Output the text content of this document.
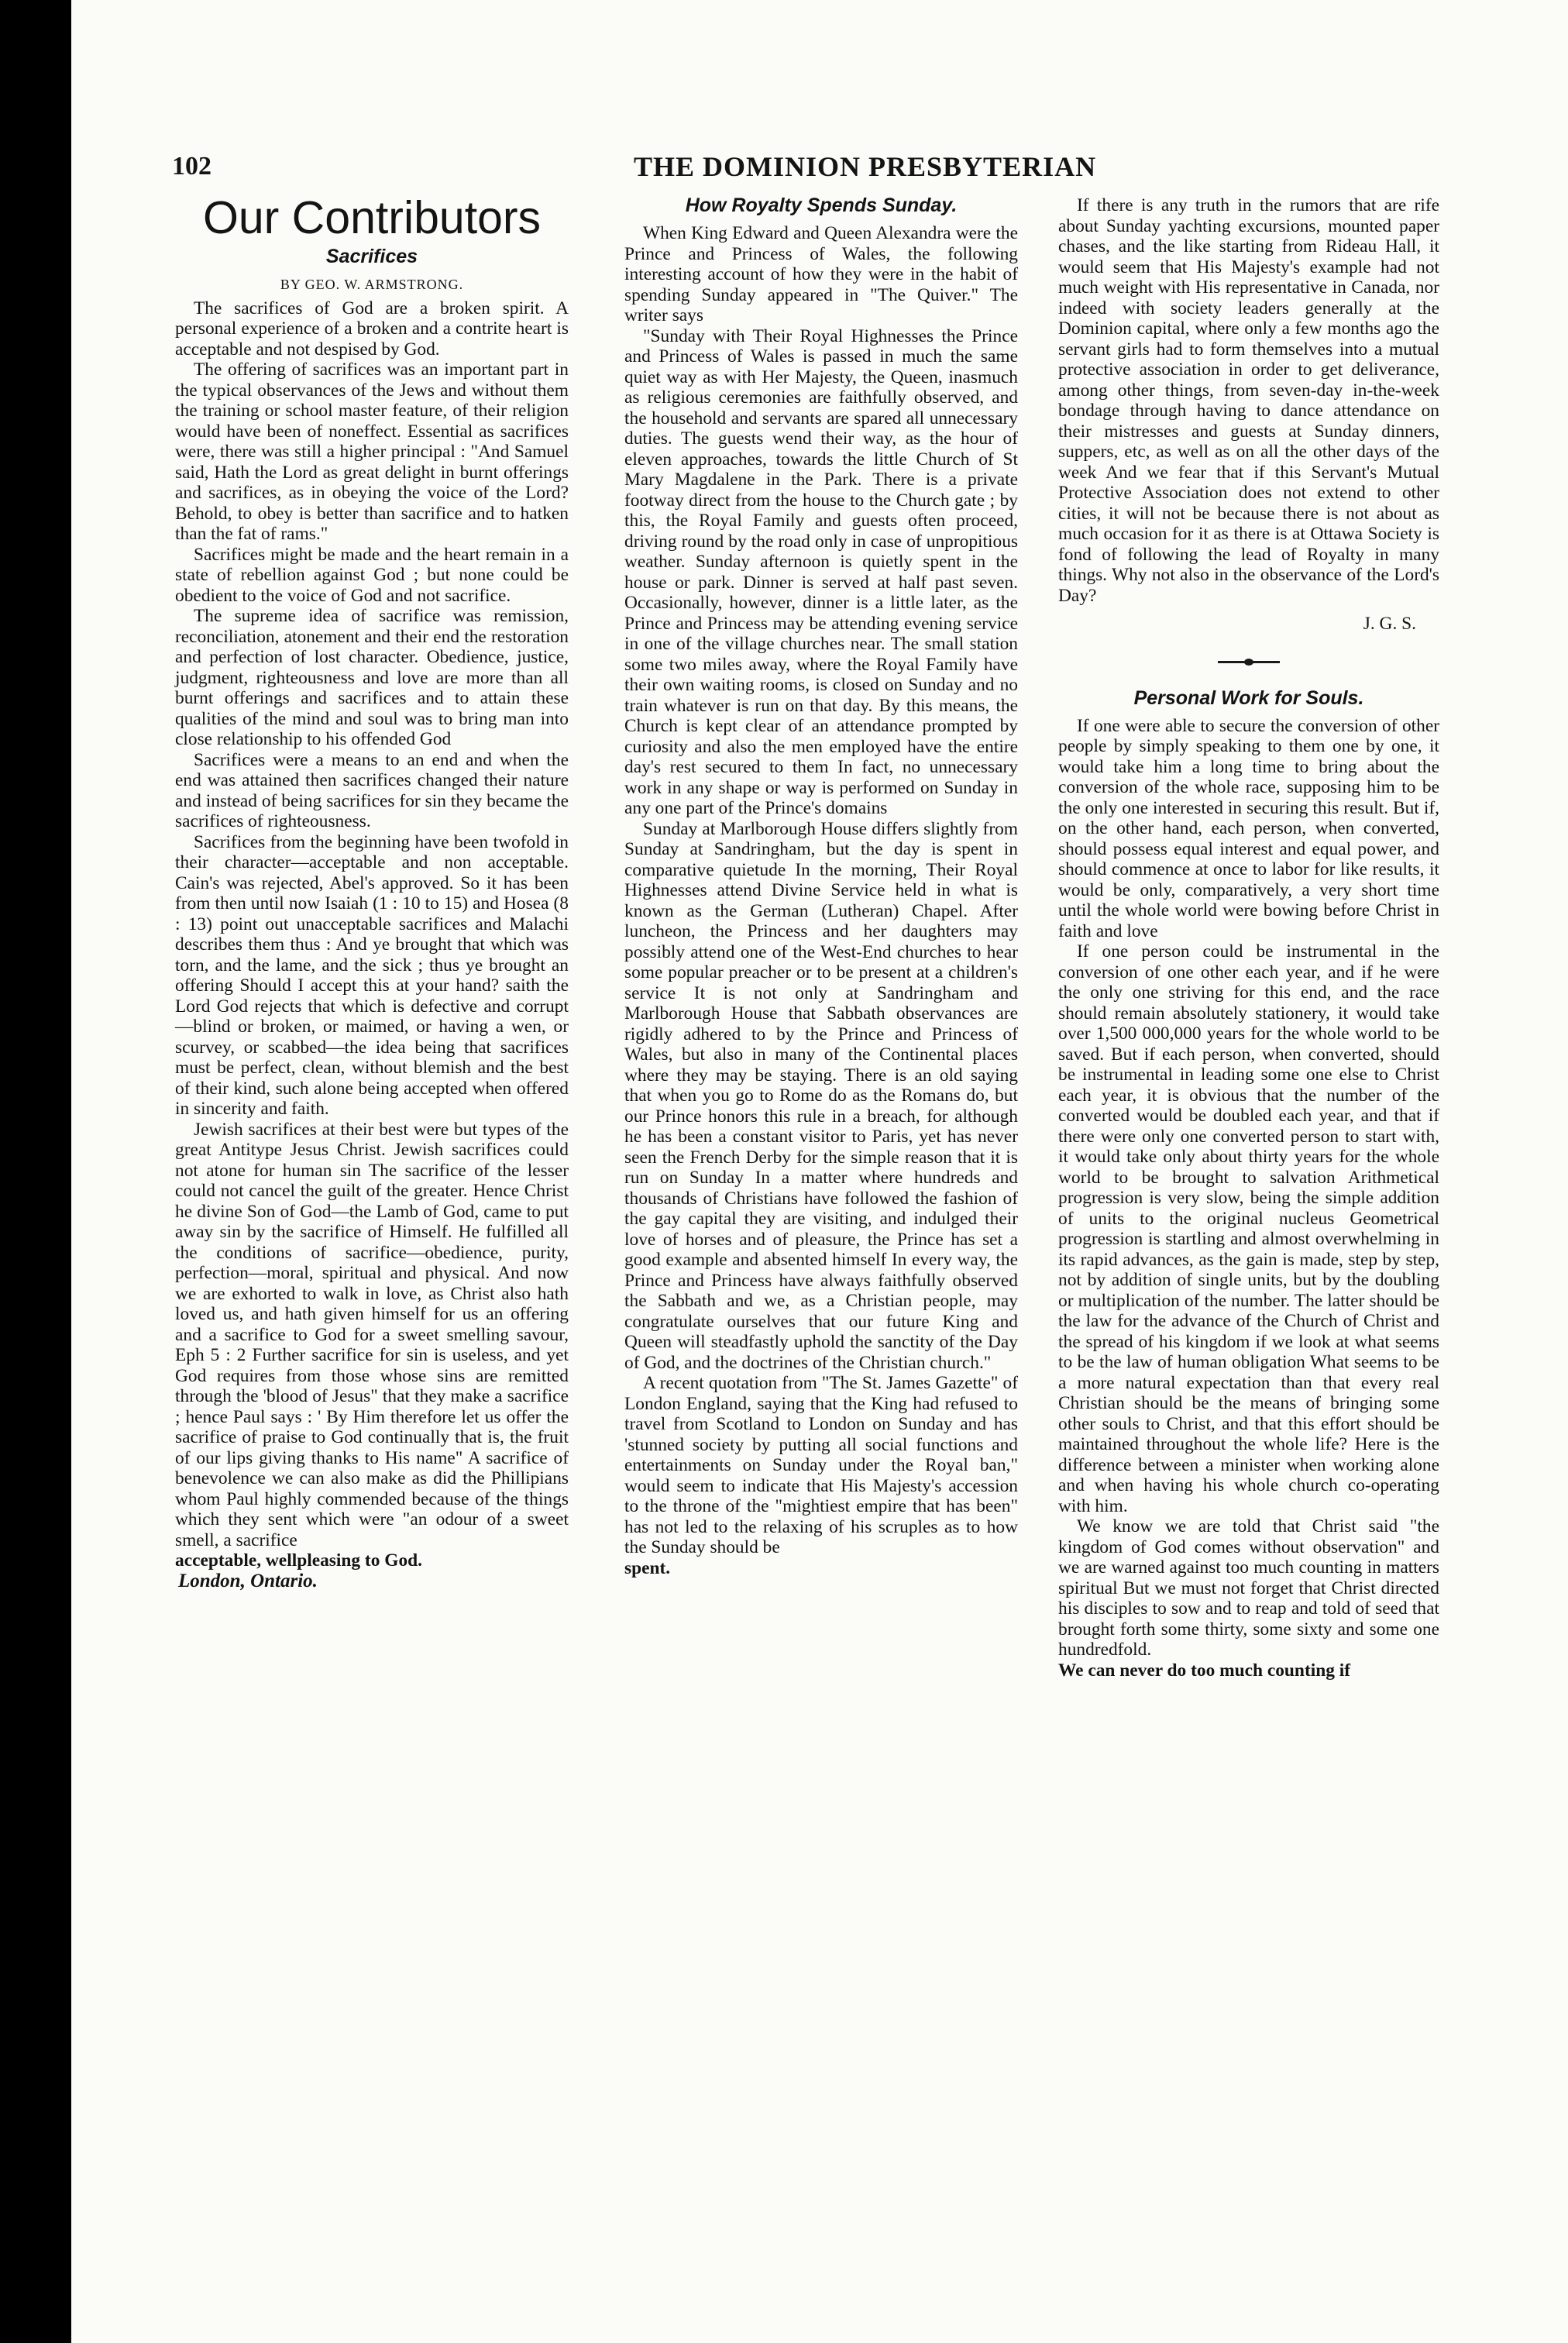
102	THE DOMINION PRESBYTERIAN
Our Contributors
Sacrifices
BY GEO. W. ARMSTRONG.

The sacrifices of God are a broken spirit. A personal experience of a broken and a contrite heart is acceptable and not despised by God.

The offering of sacrifices was an important part in the typical observances of the Jews and without them the training or school master feature, of their religion would have been of noneffect. Essential as sacrifices were, there was still a higher principal : "And Samuel said, Hath the Lord as great delight in burnt offerings and sacrifices, as in obeying the voice of the Lord? Behold, to obey is better than sacrifice and to hatken than the fat of rams."

Sacrifices might be made and the heart remain in a state of rebellion against God ; but none could be obedient to the voice of God and not sacrifice.

The supreme idea of sacrifice was remission, reconciliation, atonement and their end the restoration and perfection of lost character. Obedience, justice, judgment, righteousness and love are more than all burnt offerings and sacrifices and to attain these qualities of the mind and soul was to bring man into close relationship to his offended God

Sacrifices were a means to an end and when the end was attained then sacrifices changed their nature and instead of being sacrifices for sin they became the sacrifices of righteousness.

Sacrifices from the beginning have been twofold in their character—acceptable and non acceptable. Cain's was rejected, Abel's approved. So it has been from then until now Isaiah (1 : 10 to 15) and Hosea (8 : 13) point out unacceptable sacrifices and Malachi describes them thus : And ye brought that which was torn, and the lame, and the sick ; thus ye brought an offering Should I accept this at your hand? saith the Lord God rejects that which is defective and corrupt—blind or broken, or maimed, or having a wen, or scurvey, or scabbed—the idea being that sacrifices must be perfect, clean, without blemish and the best of their kind, such alone being accepted when offered in sincerity and faith.

Jewish sacrifices at their best were but types of the great Antitype Jesus Christ. Jewish sacrifices could not atone for human sin The sacrifice of the lesser could not cancel the guilt of the greater. Hence Christ he divine Son of God—the Lamb of God, came to put away sin by the sacrifice of Himself. He fulfilled all the conditions of sacrifice—obedience, purity, perfection—moral, spiritual and physical. And now we are exhorted to walk in love, as Christ also hath loved us, and hath given himself for us an offering and a sacrifice to God for a sweet smelling savour, Eph 5 : 2 Further sacrifice for sin is useless, and yet God requires from those whose sins are remitted through the 'blood of Jesus" that they make a sacrifice ; hence Paul says : ' By Him therefore let us offer the sacrifice of praise to God continually that is, the fruit of our lips giving thanks to His name" A sacrifice of benevolence we can also make as did the Phillipians whom Paul highly commended because of the things which they sent which were "an odour of a sweet smell, a sacrifice

acceptable, wellpleasing to God.

London, Ontario.
How Royalty Spends Sunday.

When King Edward and Queen Alexandra were the Prince and Princess of Wales, the following interesting account of how they were in the habit of spending Sunday appeared in "The Quiver." The writer says

"Sunday with Their Royal Highnesses the Prince and Princess of Wales is passed in much the same quiet way as with Her Majesty, the Queen, inasmuch as religious ceremonies are faithfully observed, and the household and servants are spared all unnecessary duties. The guests wend their way, as the hour of eleven approaches, towards the little Church of St Mary Magdalene in the Park. There is a private footway direct from the house to the Church gate ; by this, the Royal Family and guests often proceed, driving round by the road only in case of unpropitious weather. Sunday afternoon is quietly spent in the house or park. Dinner is served at half past seven. Occasionally, however, dinner is a little later, as the Prince and Princess may be attending evening service in one of the village churches near. The small station some two miles away, where the Royal Family have their own waiting rooms, is closed on Sunday and no train whatever is run on that day. By this means, the Church is kept clear of an attendance prompted by curiosity and also the men employed have the entire day's rest secured to them In fact, no unnecessary work in any shape or way is performed on Sunday in any one part of the Prince's domains

Sunday at Marlborough House differs slightly from Sunday at Sandringham, but the day is spent in comparative quietude In the morning, Their Royal Highnesses attend Divine Service held in what is known as the German (Lutheran) Chapel. After luncheon, the Princess and her daughters may possibly attend one of the West-End churches to hear some popular preacher or to be present at a children's service It is not only at Sandringham and Marlborough House that Sabbath observances are rigidly adhered to by the Prince and Princess of Wales, but also in many of the Continental places where they may be staying. There is an old saying that when you go to Rome do as the Romans do, but our Prince honors this rule in a breach, for although he has been a constant visitor to Paris, yet has never seen the French Derby for the simple reason that it is run on Sunday In a matter where hundreds and thousands of Christians have followed the fashion of the gay capital they are visiting, and indulged their love of horses and of pleasure, the Prince has set a good example and absented himself In every way, the Prince and Princess have always faithfully observed the Sabbath and we, as a Christian people, may congratulate ourselves that our future King and Queen will steadfastly uphold the sanctity of the Day of God, and the doctrines of the Christian church."

A recent quotation from "The St. James Gazette" of London England, saying that the King had refused to travel from Scotland to London on Sunday and has 'stunned society by putting all social functions and entertainments on Sunday under the Royal ban," would seem to indicate that His Majesty's accession to the throne of the "mightiest empire that has been" has not led to the relaxing of his scruples as to how the Sunday should be

spent.

If there is any truth in the rumors that are rife about Sunday yachting excursions, mounted paper chases, and the like starting from Rideau Hall, it would seem that His Majesty's example had not much weight with His representative in Canada, nor indeed with society leaders generally at the Dominion capital, where only a few months ago the servant girls had to form themselves into a mutual protective association in order to get deliverance, among other things, from seven-day in-the-week bondage through having to dance attendance on their mistresses and guests at Sunday dinners, suppers, etc, as well as on all the other days of the week And we fear that if this Servant's Mutual Protective Association does not extend to other cities, it will not be because there is not about as much occasion for it as there is at Ottawa Society is fond of following the lead of Royalty in many things. Why not also in the observance of the Lord's Day?

J. G. S.
Personal Work for Souls.

If one were able to secure the conversion of other people by simply speaking to them one by one, it would take him a long time to bring about the conversion of the whole race, supposing him to be the only one interested in securing this result. But if, on the other hand, each person, when converted, should possess equal interest and equal power, and should commence at once to labor for like results, it would be only, comparatively, a very short time until the whole world were bowing before Christ in faith and love

If one person could be instrumental in the conversion of one other each year, and if he were the only one striving for this end, and the race should remain absolutely stationery, it would take over 1,500 000,000 years for the whole world to be saved. But if each person, when converted, should be instrumental in leading some one else to Christ each year, it is obvious that the number of the converted would be doubled each year, and that if there were only one converted person to start with, it would take only about thirty years for the whole world to be brought to salvation Arithmetical progression is very slow, being the simple addition of units to the original nucleus Geometrical progression is startling and almost overwhelming in its rapid advances, as the gain is made, step by step, not by addition of single units, but by the doubling or multiplication of the number. The latter should be the law for the advance of the Church of Christ and the spread of his kingdom if we look at what seems to be the law of human obligation What seems to be a more natural expectation than that every real Christian should be the means of bringing some other souls to Christ, and that this effort should be maintained throughout the whole life? Here is the difference between a minister when working alone and when having his whole church co-operating with him.

We know we are told that Christ said "the kingdom of God comes without observation" and we are warned against too much counting in matters spiritual But we must not forget that Christ directed his disciples to sow and to reap and told of seed that brought forth some thirty, some sixty and some one hundredfold.

We can never do too much counting if
